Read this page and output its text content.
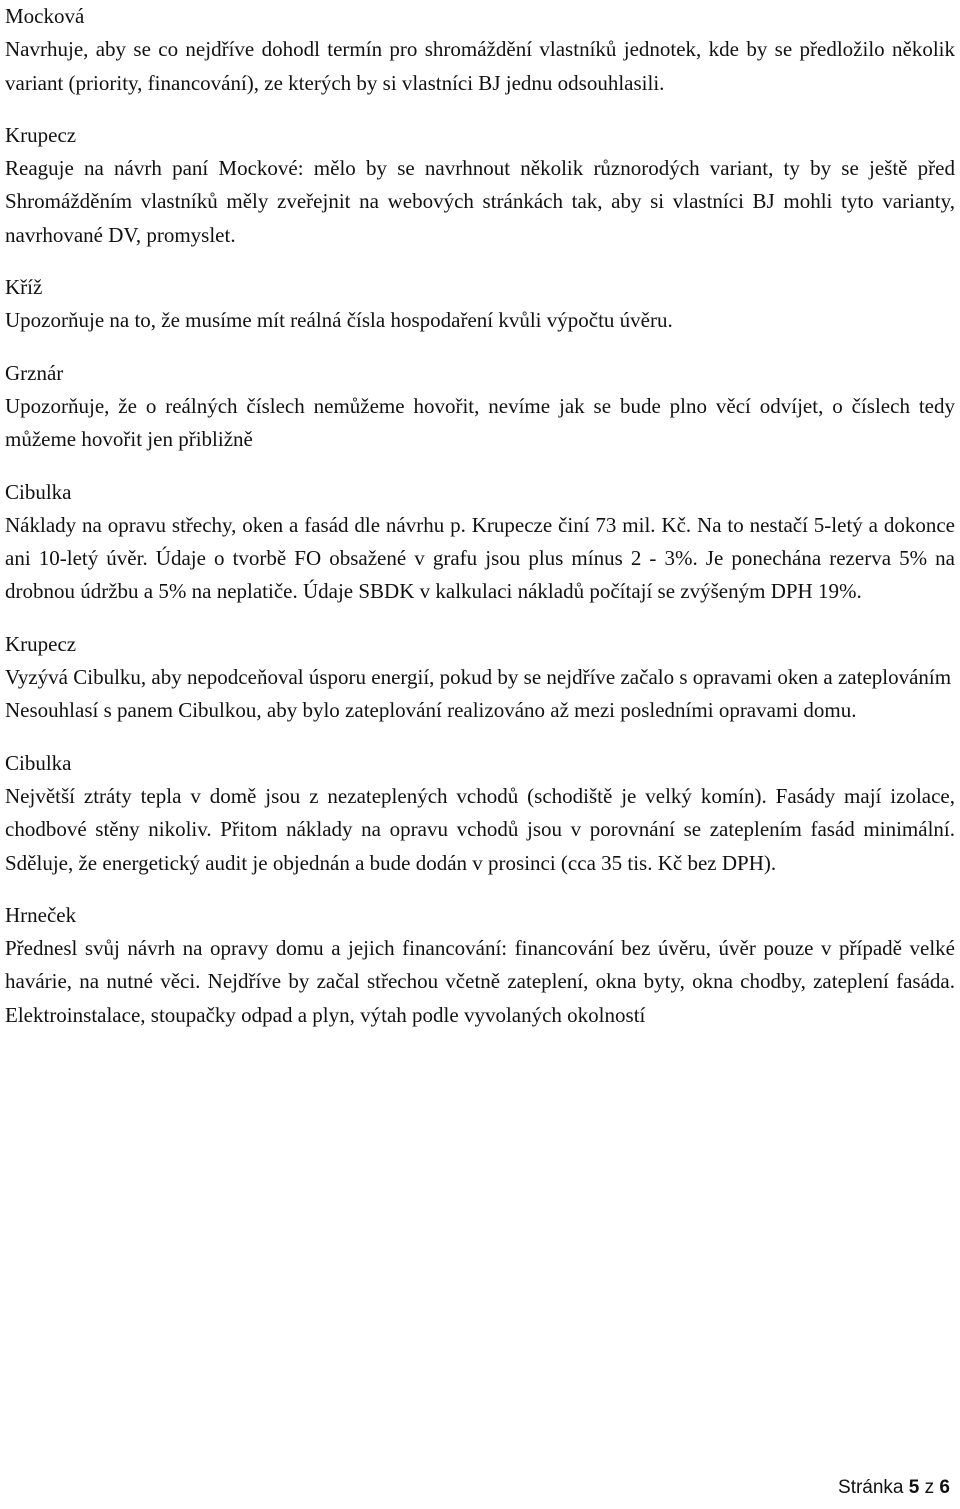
Mocková

Navrhuje, aby se co nejdříve dohodl termín pro shromáždění vlastníků jednotek, kde by se předložilo několik variant (priority, financování), ze kterých by si vlastníci BJ jednu odsouhlasili.

Krupecz

Reaguje na návrh paní Mockové: mělo by se navrhnout několik různorodých variant, ty by se ještě před Shromážděním vlastníků měly zveřejnit na webových stránkách tak, aby si vlastníci BJ mohli tyto varianty, navrhované DV, promyslet.

Kříž

Upozorňuje na to, že musíme mít reálná čísla hospodaření kvůli výpočtu úvěru.

Grznár

Upozorňuje, že o reálných číslech nemůžeme hovořit, nevíme jak se bude plno věcí odvíjet, o číslech tedy můžeme hovořit jen přibližně

Cibulka

Náklady na opravu střechy, oken a fasád dle návrhu p. Krupecze činí 73 mil. Kč. Na to nestačí 5-letý a dokonce ani 10-letý úvěr. Údaje o tvorbě FO obsažené v grafu jsou plus mínus 2 - 3%. Je ponechána rezerva 5% na drobnou údržbu a 5% na neplatiče. Údaje SBDK v kalkulaci nákladů počítají se zvýšeným DPH 19%.

Krupecz

Vyzývá Cibulku, aby nepodceňoval úsporu energií, pokud by se nejdříve začalo s opravami oken a zateplováním

Nesouhlasí s panem Cibulkou, aby bylo zateplování realizováno až mezi posledními opravami domu.

Cibulka

Největší ztráty tepla v domě jsou z nezateplených vchodů (schodiště je velký komín). Fasády mají izolace, chodbové stěny nikoliv. Přitom náklady na opravu vchodů jsou v porovnání se zateplením fasád minimální. Sděluje, že energetický audit je objednán a bude dodán v prosinci (cca 35 tis. Kč bez DPH).

Hrneček

Přednesl svůj návrh na opravy domu a jejich financování: financování bez úvěru, úvěr pouze v případě velké havárie, na nutné věci. Nejdříve by začal střechou včetně zateplení, okna byty, okna chodby, zateplení fasáda. Elektroinstalace, stoupačky odpad a plyn, výtah podle vyvolaných okolností

Stránka 5 z 6
